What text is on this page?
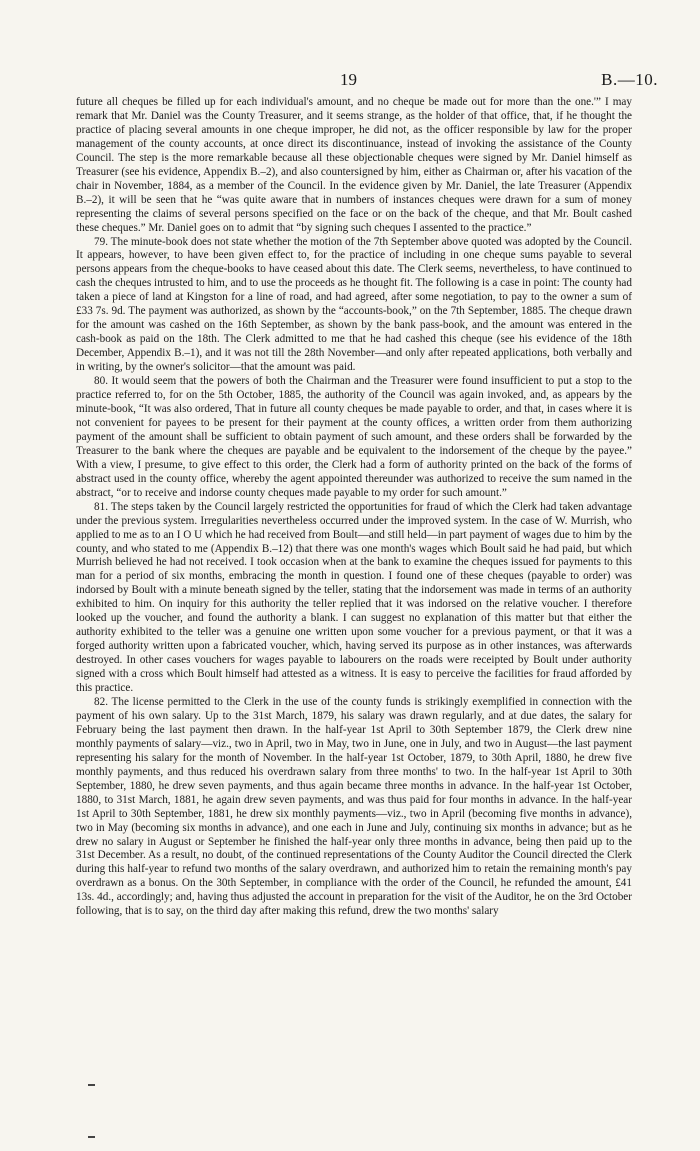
19	B.—10.

future all cheques be filled up for each individual's amount, and no cheque be made out for more than the one.'” I may remark that Mr. Daniel was the County Treasurer, and it seems strange, as the holder of that office, that, if he thought the practice of placing several amounts in one cheque improper, he did not, as the officer responsible by law for the proper management of the county accounts, at once direct its discontinuance, instead of invoking the assistance of the County Council. The step is the more remarkable because all these objectionable cheques were signed by Mr. Daniel himself as Treasurer (see his evidence, Appendix B.–2), and also countersigned by him, either as Chairman or, after his vacation of the chair in November, 1884, as a member of the Council. In the evidence given by Mr. Daniel, the late Treasurer (Appendix B.–2), it will be seen that he “was quite aware that in numbers of instances cheques were drawn for a sum of money representing the claims of several persons specified on the face or on the back of the cheque, and that Mr. Boult cashed these cheques.” Mr. Daniel goes on to admit that “by signing such cheques I assented to the practice.”

79. The minute-book does not state whether the motion of the 7th September above quoted was adopted by the Council. It appears, however, to have been given effect to, for the practice of including in one cheque sums payable to several persons appears from the cheque-books to have ceased about this date. The Clerk seems, nevertheless, to have continued to cash the cheques intrusted to him, and to use the proceeds as he thought fit. The following is a case in point: The county had taken a piece of land at Kingston for a line of road, and had agreed, after some negotiation, to pay to the owner a sum of £33 7s. 9d. The payment was authorized, as shown by the “accounts-book,” on the 7th September, 1885. The cheque drawn for the amount was cashed on the 16th September, as shown by the bank pass-book, and the amount was entered in the cash-book as paid on the 18th. The Clerk admitted to me that he had cashed this cheque (see his evidence of the 18th December, Appendix B.–1), and it was not till the 28th November—and only after repeated applications, both verbally and in writing, by the owner's solicitor—that the amount was paid.

80. It would seem that the powers of both the Chairman and the Treasurer were found insufficient to put a stop to the practice referred to, for on the 5th October, 1885, the authority of the Council was again invoked, and, as appears by the minute-book, “It was also ordered, That in future all county cheques be made payable to order, and that, in cases where it is not convenient for payees to be present for their payment at the county offices, a written order from them authorizing payment of the amount shall be sufficient to obtain payment of such amount, and these orders shall be forwarded by the Treasurer to the bank where the cheques are payable and be equivalent to the indorsement of the cheque by the payee.” With a view, I presume, to give effect to this order, the Clerk had a form of authority printed on the back of the forms of abstract used in the county office, whereby the agent appointed thereunder was authorized to receive the sum named in the abstract, “or to receive and indorse county cheques made payable to my order for such amount.”

81. The steps taken by the Council largely restricted the opportunities for fraud of which the Clerk had taken advantage under the previous system. Irregularities nevertheless occurred under the improved system. In the case of W. Murrish, who applied to me as to an I O U which he had received from Boult—and still held—in part payment of wages due to him by the county, and who stated to me (Appendix B.–12) that there was one month's wages which Boult said he had paid, but which Murrish believed he had not received. I took occasion when at the bank to examine the cheques issued for payments to this man for a period of six months, embracing the month in question. I found one of these cheques (payable to order) was indorsed by Boult with a minute beneath signed by the teller, stating that the indorsement was made in terms of an authority exhibited to him. On inquiry for this authority the teller replied that it was indorsed on the relative voucher. I therefore looked up the voucher, and found the authority a blank. I can suggest no explanation of this matter but that either the authority exhibited to the teller was a genuine one written upon some voucher for a previous payment, or that it was a forged authority written upon a fabricated voucher, which, having served its purpose as in other instances, was afterwards destroyed. In other cases vouchers for wages payable to labourers on the roads were receipted by Boult under authority signed with a cross which Boult himself had attested as a witness. It is easy to perceive the facilities for fraud afforded by this practice.

82. The license permitted to the Clerk in the use of the county funds is strikingly exemplified in connection with the payment of his own salary. Up to the 31st March, 1879, his salary was drawn regularly, and at due dates, the salary for February being the last payment then drawn. In the half-year 1st April to 30th September 1879, the Clerk drew nine monthly payments of salary—viz., two in April, two in May, two in June, one in July, and two in August—the last payment representing his salary for the month of November. In the half-year 1st October, 1879, to 30th April, 1880, he drew five monthly payments, and thus reduced his overdrawn salary from three months' to two. In the half-year 1st April to 30th September, 1880, he drew seven payments, and thus again became three months in advance. In the half-year 1st October, 1880, to 31st March, 1881, he again drew seven payments, and was thus paid for four months in advance. In the half-year 1st April to 30th September, 1881, he drew six monthly payments—viz., two in April (becoming five months in advance), two in May (becoming six months in advance), and one each in June and July, continuing six months in advance; but as he drew no salary in August or September he finished the half-year only three months in advance, being then paid up to the 31st December. As a result, no doubt, of the continued representations of the County Auditor the Council directed the Clerk during this half-year to refund two months of the salary overdrawn, and authorized him to retain the remaining month's pay overdrawn as a bonus. On the 30th September, in compliance with the order of the Council, he refunded the amount, £41 13s. 4d., accordingly; and, having thus adjusted the account in preparation for the visit of the Auditor, he on the 3rd October following, that is to say, on the third day after making this refund, drew the two months' salary
